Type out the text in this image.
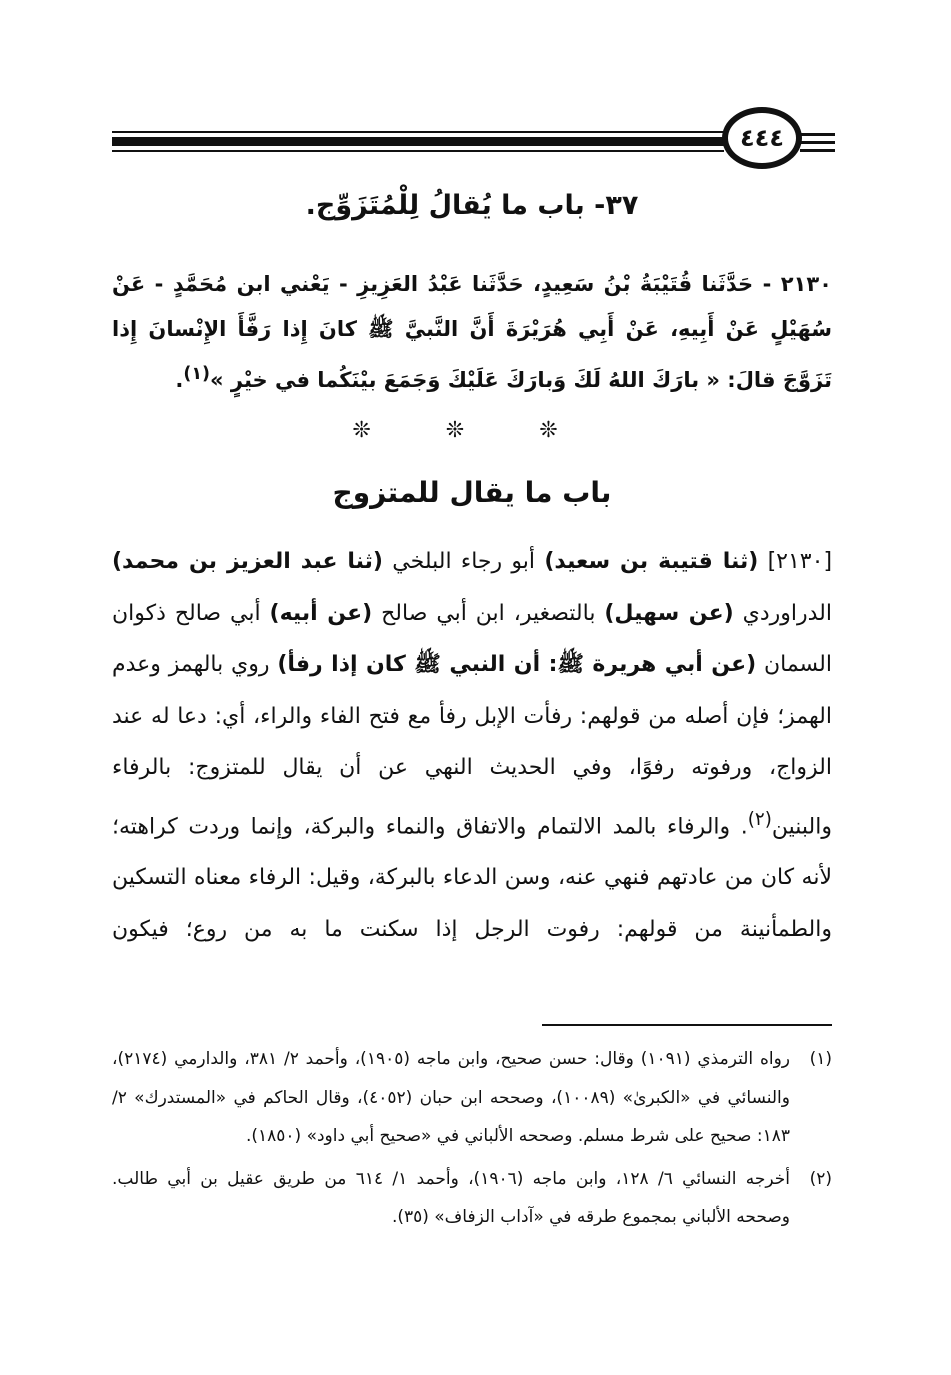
٤٤٤
٣٧- باب ما يُقالُ لِلْمُتَزَوِّج.
٢١٣٠ - حَدَّثَنا قُتَيْبَةُ بْنُ سَعِيدٍ، حَدَّثَنا عَبْدُ العَزِيزِ - يَعْني ابن مُحَمَّدٍ - عَنْ سُهَيْلٍ عَنْ أَبِيهِ، عَنْ أَبِي هُرَيْرَةَ أَنَّ النَّبيَّ ﷺ كانَ إِذا رَفَّأَ الإِنْسانَ إِذا تَزَوَّجَ قالَ: « بارَكَ اللهُ لَكَ وَبارَكَ عَلَيْكَ وَجَمَعَ بيْنَكُما في خيْرٍ »$^{(١)}$.
❊ ❊ ❊
باب ما يقال للمتزوج
[٢١٣٠] (ثنا قتيبة بن سعيد) أبو رجاء البلخي (ثنا عبد العزيز بن محمد) الدراوردي (عن سهيل) بالتصغير، ابن أبي صالح (عن أبيه) أبي صالح ذكوان السمان (عن أبي هريرة ﷺ: أن النبي ﷺ كان إذا رفأ) روي بالهمز وعدم الهمز؛ فإن أصله من قولهم: رفأت الإبل رفأ مع فتح الفاء والراء، أي: دعا له عند الزواج، ورفوته رفوًا، وفي الحديث النهي عن أن يقال للمتزوج: بالرفاء والبنين$^{(٢)}$. والرفاء بالمد الالتمام والاتفاق والنماء والبركة، وإنما وردت كراهته؛ لأنه كان من عادتهم فنهي عنه، وسن الدعاء بالبركة، وقيل: الرفاء معناه التسكين والطمأنينة من قولهم: رفوت الرجل إذا سكنت ما به من روع؛ فيكون
(١)
رواه الترمذي (١٠٩١) وقال: حسن صحيح، وابن ماجه (١٩٠٥)، وأحمد ٢/ ٣٨١، والدارمي (٢١٧٤)، والنسائي في «الكبرىٰ» (١٠٠٨٩)، وصححه ابن حبان (٤٠٥٢)، وقال الحاكم في «المستدرك» ٢/ ١٨٣: صحيح على شرط مسلم. وصححه الألباني في «صحيح أبي داود» (١٨٥٠).
(٢)
أخرجه النسائي ٦/ ١٢٨، وابن ماجه (١٩٠٦)، وأحمد ١/ ٦١٤ من طريق عقيل بن أبي طالب. وصححه الألباني بمجموع طرقه في «آداب الزفاف» (٣٥).
